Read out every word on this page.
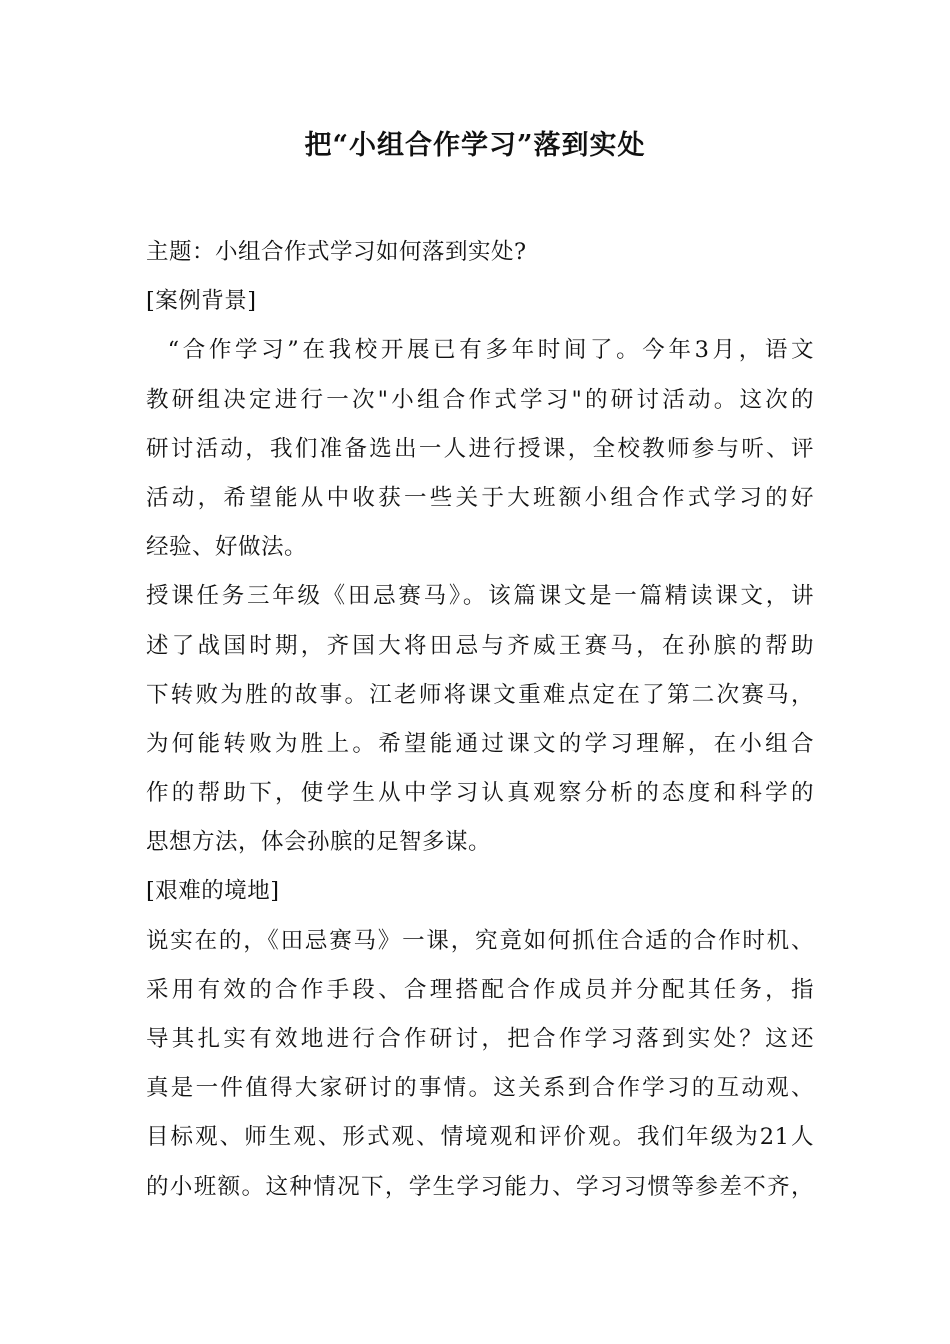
把“小组合作学习”落到实处
主题：小组合作式学习如何落到实处?
[案例背景]
“合作学习”在我校开展已有多年时间了。今年3月，语文
教研组决定进行一次"小组合作式学习"的研讨活动。这次的
研讨活动，我们准备选出一人进行授课，全校教师参与听、评
活动，希望能从中收获一些关于大班额小组合作式学习的好
经验、好做法。
授课任务三年级《田忌赛马》。该篇课文是一篇精读课文，讲
述了战国时期，齐国大将田忌与齐威王赛马，在孙膑的帮助
下转败为胜的故事。江老师将课文重难点定在了第二次赛马，
为何能转败为胜上。希望能通过课文的学习理解，在小组合
作的帮助下，使学生从中学习认真观察分析的态度和科学的
思想方法，体会孙膑的足智多谋。
[艰难的境地]
说实在的，《田忌赛马》一课，究竟如何抓住合适的合作时机、
采用有效的合作手段、合理搭配合作成员并分配其任务，指
导其扎实有效地进行合作研讨，把合作学习落到实处？这还
真是一件值得大家研讨的事情。这关系到合作学习的互动观、
目标观、师生观、形式观、情境观和评价观。我们年级为21人
的小班额。这种情况下，学生学习能力、学习习惯等参差不齐，
